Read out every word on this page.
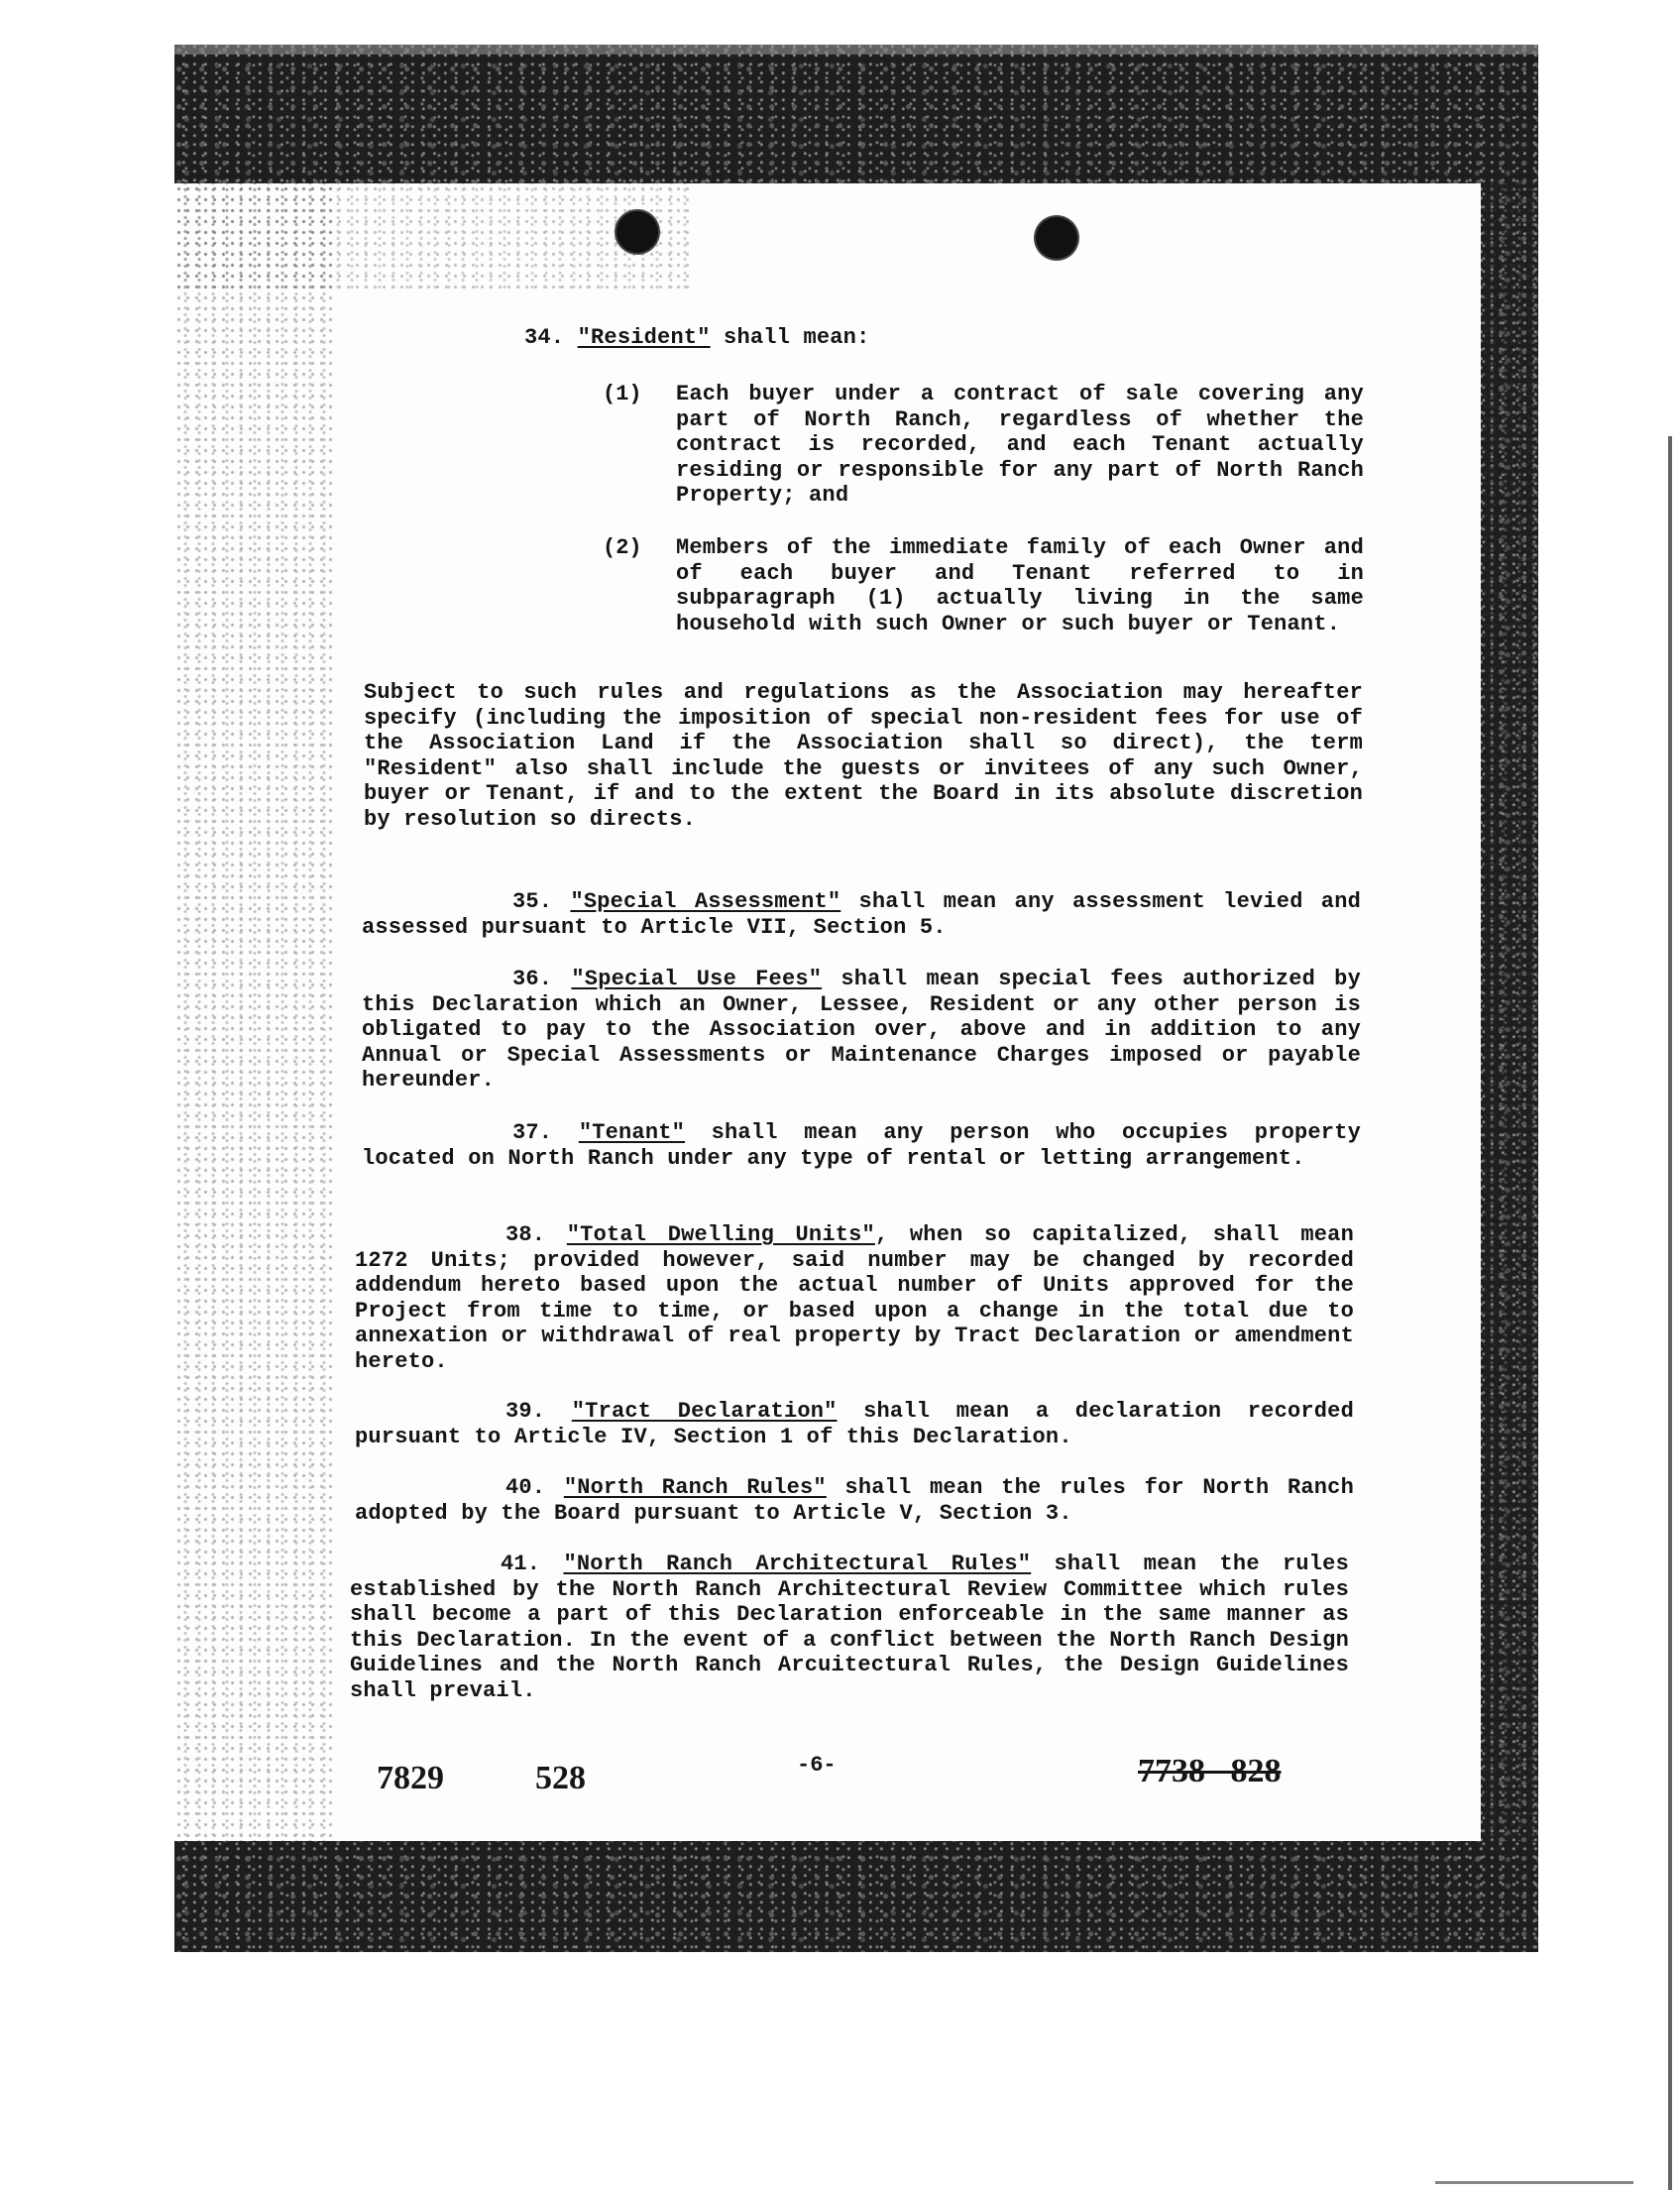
34. "Resident" shall mean:

(1) Each buyer under a contract of sale covering any part of North Ranch, regardless of whether the contract is recorded, and each Tenant actually residing or responsible for any part of North Ranch Property; and

(2) Members of the immediate family of each Owner and of each buyer and Tenant referred to in subparagraph (1) actually living in the same household with such Owner or such buyer or Tenant.

Subject to such rules and regulations as the Association may hereafter specify (including the imposition of special non-resident fees for use of the Association Land if the Association shall so direct), the term "Resident" also shall include the guests or invitees of any such Owner, buyer or Tenant, if and to the extent the Board in its absolute discretion by resolution so directs.

35. "Special Assessment" shall mean any assessment levied and assessed pursuant to Article VII, Section 5.

36. "Special Use Fees" shall mean special fees authorized by this Declaration which an Owner, Lessee, Resident or any other person is obligated to pay to the Association over, above and in addition to any Annual or Special Assessments or Maintenance Charges imposed or payable hereunder.

37. "Tenant" shall mean any person who occupies property located on North Ranch under any type of rental or letting arrangement.

38. "Total Dwelling Units", when so capitalized, shall mean 1272 Units; provided however, said number may be changed by recorded addendum hereto based upon the actual number of Units approved for the Project from time to time, or based upon a change in the total due to annexation or withdrawal of real property by Tract Declaration or amendment hereto.

39. "Tract Declaration" shall mean a declaration recorded pursuant to Article IV, Section 1 of this Declaration.

40. "North Ranch Rules" shall mean the rules for North Ranch adopted by the Board pursuant to Article V, Section 3.

41. "North Ranch Architectural Rules" shall mean the rules established by the North Ranch Architectural Review Committee which rules shall become a part of this Declaration enforceable in the same manner as this Declaration. In the event of a conflict between the North Ranch Design Guidelines and the North Ranch Arcuitectural Rules, the Design Guidelines shall prevail.

7829	528	-6-	7738   828
